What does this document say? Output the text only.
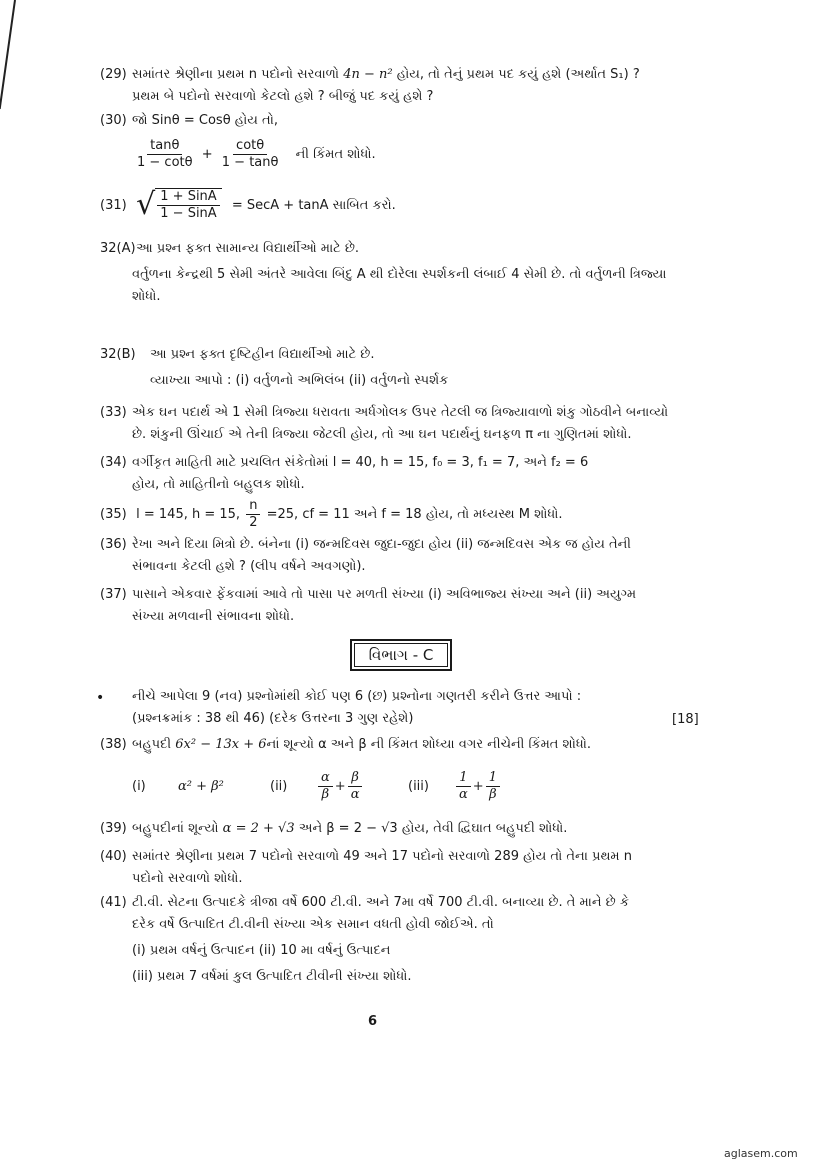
(29) સમાંતર શ્રેણીના પ્રથમ n પદોનો સરવાળો 4n − n² હોય, તો તેનું પ્રથમ પદ કયું હશે (અર્થાત S₁) ?
પ્રથમ બે પદોનો સરવાળો કેટલો હશે ? બીજું પદ કયું હશે ?
(30) જો Sinθ = Cosθ હોય તો,
$\frac{\tan\theta}{1 - \cot\theta} + \frac{\cot\theta}{1 - \tan\theta}$ ની કિંમત શોધો.
(31) √ $\frac{\text{1 + SinA}}{\text{1 − SinA}}$ = SecA + tanA સાબિત કરો.
32(A) આ પ્રશ્ન ફક્ત સામાન્ય વિદ્યાર્થીઓ માટે છે.
વર્તુળના કેન્દ્રથી 5 સેમી અંતરે આવેલા બિંદુ A થી દોરેલા સ્પર્શકની લંબાઈ 4 સેમી છે. તો વર્તુળની ત્રિજ્યા
શોધો.
32(B) આ પ્રશ્ન ફક્ત દૃષ્ટિહીન વિદ્યાર્થીઓ માટે છે.
વ્યાખ્યા આપો : (i) વર્તુળનો અભિલંબ (ii) વર્તુળનો સ્પર્શક
(33) એક ઘન પદાર્થ એ 1 સેમી ત્રિજ્યા ધરાવતા અર્ધગોલક ઉપર તેટલી જ ત્રિજ્યાવાળો શંકુ ગોઠવીને બનાવ્યો
છે. શંકુની ઊંચાઈ એ તેની ત્રિજ્યા જેટલી હોય, તો આ ઘન પદાર્થનું ઘનફળ π ના ગુણિતમાં શોધો.
(34) વર્ગીકૃત માહિતી માટે પ્રચલિત સંકેતોમાં l = 40, h = 15, f₀ = 3, f₁ = 7, અને f₂ = 6
હોય, તો માહિતીનો બહુલક શોધો.
(35) l = 145, h = 15, $\frac{n}{2} =25$, cf = 11 અને f = 18 હોય, તો મધ્યસ્થ M શોધો.
(36) રેખા અને દિયા મિત્રો છે. બંનેના (i) જન્મદિવસ જુદા-જુદા હોય (ii) જન્મદિવસ એક જ હોય તેની
સંભાવના કેટલી હશે ? (લીપ વર્ષને અવગણો).
(37) પાસાને એકવાર ફેંકવામાં આવે તો પાસા પર મળતી સંખ્યા (i) અવિભાજ્ય સંખ્યા અને (ii) અયુગ્મ
સંખ્યા મળવાની સંભાવના શોધો.
વિભાગ - C
•	નીચે આપેલા 9 (નવ) પ્રશ્નોમાંથી કોઈ પણ 6 (છ) પ્રશ્નોના ગણતરી કરીને ઉત્તર આપો :
(પ્રશ્નક્રમાંક : 38 થી 46) (દરેક ઉત્તરના 3 ગુણ રહેશે)	[18]
(38) બહુપદી 6x² − 13x + 6નાં શૂન્યો α અને β ની કિંમત શોધ્યા વગર નીચેની કિંમત શોધો.
(i)	α² + β²	(ii)	$\frac{\alpha}{\beta} + \frac{\beta}{\alpha}$	(iii)	$\frac{1}{\alpha} + \frac{1}{\beta}$
(39) બહુપદીનાં શૂન્યો α = 2 + √3 અને β = 2 − √3 હોય, તેવી દ્વિઘાત બહુપદી શોધો.
(40) સમાંતર શ્રેણીના પ્રથમ 7 પદોનો સરવાળો 49 અને 17 પદોનો સરવાળો 289 હોય તો તેના પ્રથમ n
પદોનો સરવાળો શોધો.
(41) ટી.વી. સેટના ઉત્પાદકે ત્રીજા વર્ષે 600 ટી.વી. અને 7મા વર્ષે 700 ટી.વી. બનાવ્યા છે. તે માને છે કે
દરેક વર્ષે ઉત્પાદિત ટી.વીની સંખ્યા એક સમાન વધતી હોવી જોઈએ. તો
(i) પ્રથમ વર્ષનું ઉત્પાદન (ii) 10 મા વર્ષનું ઉત્પાદન
(iii) પ્રથમ 7 વર્ષમાં કુલ ઉત્પાદિત ટીવીની સંખ્યા શોધો.
6
aglasem.com
